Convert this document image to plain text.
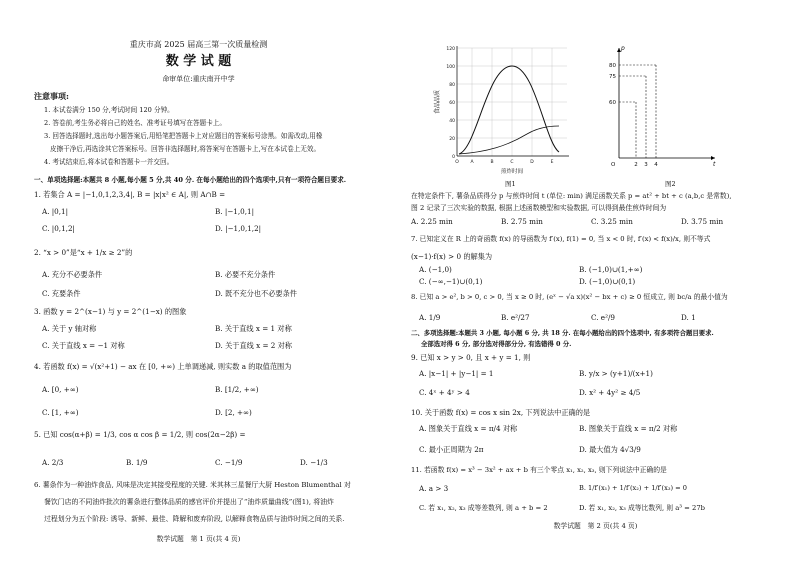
重庆市高 2025 届高三第一次质量检测
数 学 试 题
命审单位:重庆南开中学
注意事项:
1. 本试卷满分 150 分,考试时间 120 分钟。
2. 答卷前,考生务必将自己的姓名、准考证号填写在答题卡上。
3. 回答选择题时,选出每小题答案后,用铅笔把答题卡上对应题目的答案标号涂黑。如需改动,用橡
皮擦干净后,再选涂其它答案标号。回答非选择题时,将答案写在答题卡上,写在本试卷上无效。
4. 考试结束后,将本试卷和答题卡一并交回。
一、单项选择题:本题共 8 小题,每小题 5 分,共 40 分. 在每小题给出的四个选项中,只有一项符合题目要求.
1. 若集合 A = |−1,0,1,2,3,4|, B = |x|x² ∈ A|, 则 A∩B =
A. |0,1|	B. |−1,0,1|
C. |0,1,2|	D. |−1,0,1,2|
2. “x > 0”是“x + 1/x ≥ 2”的
A. 充分不必要条件	B. 必要不充分条件
C. 充要条件	D. 既不充分也不必要条件
3. 函数 y = 2^(x−1) 与 y = 2^(1−x) 的图象
A. 关于 y 轴对称	B. 关于直线 x = 1 对称
C. 关于直线 x = −1 对称	D. 关于直线 x = 2 对称
4. 若函数 f(x) = √(x²+1) − ax 在 [0, +∞) 上单调递减, 则实数 a 的取值范围为
A. [0, +∞)	B. [1/2, +∞)
C. [1, +∞)	D. [2, +∞)
5. 已知 cos(α+β) = 1/3, cos α cos β = 1/2, 则 cos(2α−2β) =
A. 2/3	B. 1/9	C. −1/9	D. −1/3
6. 薯条作为一种油炸食品, 风味是决定其接受程度的关键. 米其林三星餐厅大厨 Heston Blumenthal 对
餐饮门店的不同油炸批次的薯条进行整体品质的感官评价并提出了“油炸质量曲线”(图1), 将油炸
过程划分为五个阶段: 诱导、新鲜、最佳、降解和废弃阶段, 以解释食物品质与油炸时间之间的关系.
数学试题　第 1 页(共 4 页)
120
100
80
60
40
20
0
O	A	B	C	D	E
食品品质
煎炸时间
图1
p
t
O
80
75
60
2 3 4
图2
在特定条件下, 薯条品质得分 p 与煎炸时间 t (单位: min) 满足函数关系 p = at² + bt + c (a,b,c 是常数),
图 2 记录了三次实验的数据, 根据上述函数模型和实验数据, 可以得到最佳煎炸时间为
A. 2.25 min	B. 2.75 min	C. 3.25 min	D. 3.75 min
7. 已知定义在 R 上的奇函数 f(x) 的导函数为 f′(x), f(1) = 0, 当 x < 0 时, f′(x) < f(x)/x, 则不等式
(x−1)·f(x) > 0 的解集为
A. (−1,0)	B. (−1,0)∪(1,+∞)
C. (−∞,−1)∪(0,1)	D. (−1,0)∪(0,1)
8. 已知 a > e², b > 0, c > 0, 当 x ≥ 0 时, (eˣ − √a x)(x² − bx + c) ≥ 0 恒成立, 则 bc/a 的最小值为
A. 1/9	B. e²/27	C. e²/9	D. 1
二、多项选择题:本题共 3 小题, 每小题 6 分, 共 18 分. 在每小题给出的四个选项中, 有多项符合题目要求.
全部选对得 6 分, 部分选对得部分分, 有选错得 0 分.
9. 已知 x > y > 0, 且 x + y = 1, 则
A. |x−1| + |y−1| = 1	B. y/x > (y+1)/(x+1)
C. 4ˣ + 4ʸ > 4	D. x² + 4y² ≥ 4/5
10. 关于函数 f(x) = cos x sin 2x, 下列说法中正确的是
A. 图象关于直线 x = π/4 对称	B. 图象关于直线 x = π/2 对称
C. 最小正周期为 2π	D. 最大值为 4√3/9
11. 若函数 f(x) = x³ − 3x² + ax + b 有三个零点 x₁, x₂, x₃, 则下列说法中正确的是
A. a > 3	B. 1/f′(x₁) + 1/f′(x₂) + 1/f′(x₃) = 0
C. 若 x₁, x₂, x₃ 成等差数列, 则 a + b = 2	D. 若 x₁, x₂, x₃ 成等比数列, 则 a³ = 27b
数学试题　第 2 页(共 4 页)
